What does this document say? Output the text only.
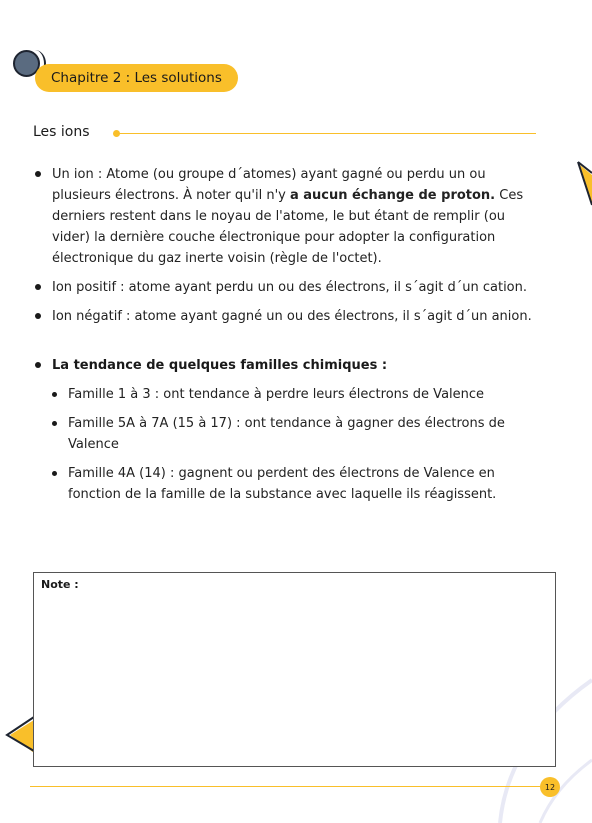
Chapitre 2 : Les solutions
Les ions
Un ion : Atome (ou groupe d´atomes) ayant gagné ou perdu un ou plusieurs électrons. À noter qu'il n'y a aucun échange de proton. Ces derniers restent dans le noyau de l'atome, le but étant de remplir (ou vider) la dernière couche électronique pour adopter la configuration électronique du gaz inerte voisin (règle de l'octet).
Ion positif : atome ayant perdu un ou des électrons, il s´agit d´un cation.
Ion négatif : atome ayant gagné un ou des électrons, il s´agit d´un anion.
La tendance de quelques familles chimiques :
Famille 1 à 3 : ont tendance à perdre leurs électrons de Valence
Famille 5A à 7A (15 à 17) : ont tendance à gagner des électrons de Valence
Famille 4A (14) : gagnent ou perdent des électrons de Valence en fonction de la famille de la substance avec laquelle ils réagissent.
Note :
12
